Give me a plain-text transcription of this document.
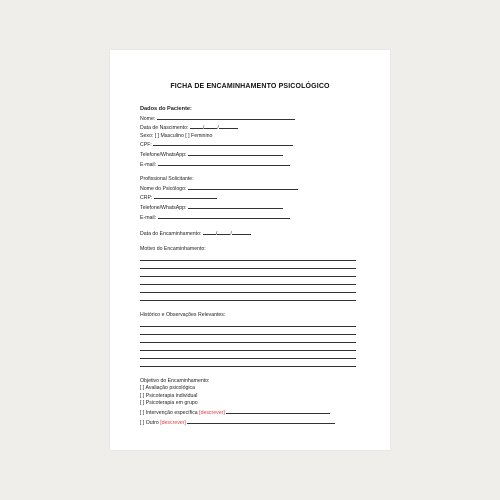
FICHA DE ENCAMINHAMENTO PSICOLÓGICO
Dados do Paciente:
Nome:
Data de Nascimento:	/	/
Sexo: [ ] Masculino [ ] Feminino
CPF:
Telefone/WhatsApp:
E-mail:
Profissional Solicitante:
Nome do Psicólogo:
CRP:
Telefone/WhatsApp:
E-mail:
Data do Encaminhamento:	/	/
Motivo do Encaminhamento:
Histórico e Observações Relevantes:
Objetivo do Encaminhamento:
[ ] Avaliação psicológica
[ ] Psicoterapia individual
[ ] Psicoterapia em grupo
[ ] Intervenção específica [descrever]
[ ] Outro [descrever]
